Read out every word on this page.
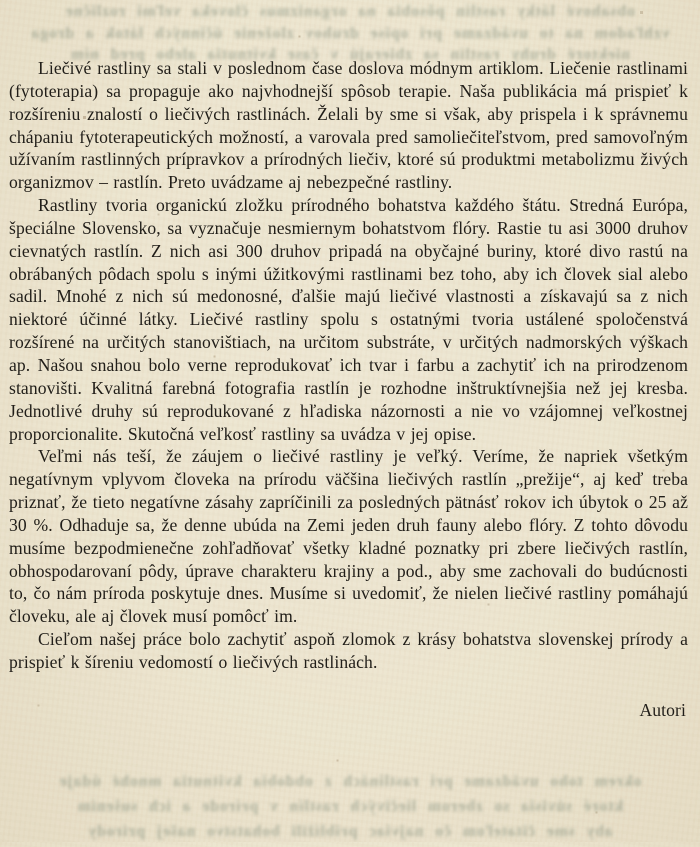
obsahové látky rastlín pôsobia na organizmus človeka veľmi rozlične
vzhľadom na to uvádzame pri opise druhov zloženie účinných látok a droga
niektoré druhy rastlín sa zbierajú v čase kvitnutia alebo pred ním

Liečivé rastliny sa stali v poslednom čase doslova módnym artiklom. Liečenie rastlinami (fytoterapia) sa propaguje ako najvhodnejší spôsob terapie. Naša publikácia má prispieť k rozšíreniu znalostí o liečivých rastlinách. Želali by sme si však, aby prispela i k správnemu chápaniu fytoterapeutických možností, a varovala pred samoliečiteľstvom, pred samovoľným užívaním rastlinných prípravkov a prírodných liečiv, ktoré sú produktmi metabolizmu živých organizmov – rastlín. Preto uvádzame aj nebezpečné rastliny.

Rastliny tvoria organickú zložku prírodného bohatstva každého štátu. Stredná Európa, špeciálne Slovensko, sa vyznačuje nesmiernym bohatstvom flóry. Rastie tu asi 3000 druhov cievnatých rastlín. Z nich asi 300 druhov pripadá na obyčajné buriny, ktoré divo rastú na obrábaných pôdach spolu s inými úžitkovými rastlinami bez toho, aby ich človek sial alebo sadil. Mnohé z nich sú medonosné, ďalšie majú liečivé vlastnosti a získavajú sa z nich niektoré účinné látky. Liečivé rastliny spolu s ostatnými tvoria ustálené spoločenstvá rozšírené na určitých stanovištiach, na určitom substráte, v určitých nadmorských výškach ap. Našou snahou bolo verne reprodukovať ich tvar i farbu a zachytiť ich na prirodzenom stanovišti. Kvalitná farebná fotografia rastlín je rozhodne inštruktívnejšia než jej kresba. Jednotlivé druhy sú reprodukované z hľadiska názornosti a nie vo vzájomnej veľkostnej proporcionalite. Skutočná veľkosť rastliny sa uvádza v jej opise.

Veľmi nás teší, že záujem o liečivé rastliny je veľký. Veríme, že napriek všetkým negatívnym vplyvom človeka na prírodu väčšina liečivých rastlín „prežije“, aj keď treba priznať, že tieto negatívne zásahy zapríčinili za posledných pätnásť rokov ich úbytok o 25 až 30 %. Odhaduje sa, že denne ubúda na Zemi jeden druh fauny alebo flóry. Z tohto dôvodu musíme bezpodmienečne zohľadňovať všetky kladné poznatky pri zbere liečivých rastlín, obhospodarovaní pôdy, úprave charakteru krajiny a pod., aby sme zachovali do budúcnosti to, čo nám príroda poskytuje dnes. Musíme si uvedomiť, že nielen liečivé rastliny pomáhajú človeku, ale aj človek musí pomôcť im.

Cieľom našej práce bolo zachytiť aspoň zlomok z krásy bohatstva slovenskej prírody a prispieť k šíreniu vedomostí o liečivých rastlinách.

Autori
okrem toho uvádzame pri rastlinách z obdobia kvitnutia mnohé údaje
ktoré súvisia so zberom liečivých rastlín v prírode a ich sušením
aby sme čitateľom čo najviac priblížili bohatstvo našej prírody
